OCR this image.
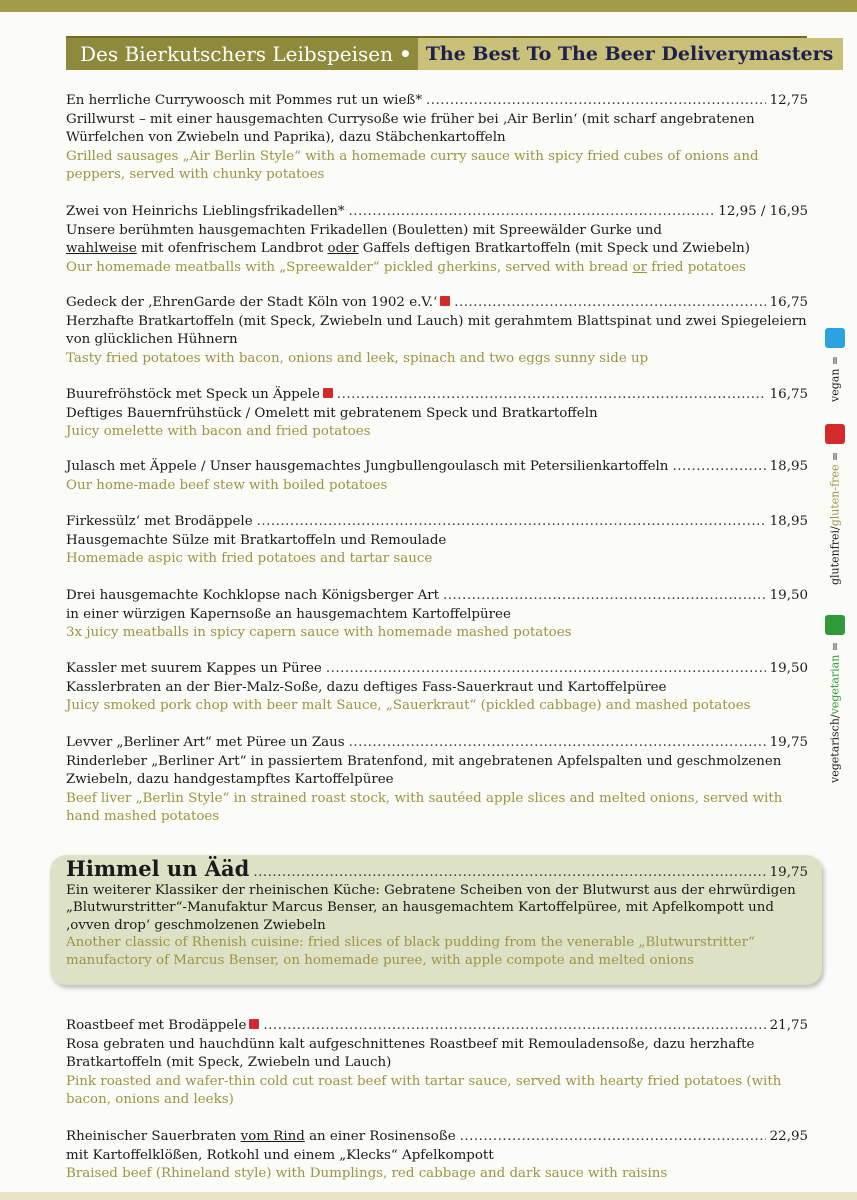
Des Bierkutschers Leibspeisen • The Best To The Beer Deliverymasters
En herrliche Currywoosch mit Pommes rut un wieß* .....	12,75
Grillwurst – mit einer hausgemachten Currysoße wie früher bei ‚Air Berlin‘ (mit scharf angebratenen Würfelchen von Zwiebeln und Paprika), dazu Stäbchenkartoffeln
Grilled sausages „Air Berlin Style“ with a homemade curry sauce with spicy fried cubes of onions and peppers, served with chunky potatoes
Zwei von Heinrichs Lieblingsfrikadellen* .....	12,95 / 16,95
Unsere berühmten hausgemachten Frikadellen (Bouletten) mit Spreewälder Gurke und
wahlweise mit ofenfrischem Landbrot oder Gaffels deftigen Bratkartoffeln (mit Speck und Zwiebeln)
Our homemade meatballs with „Spreewalder“ pickled gherkins, served with bread or fried potatoes
Gedeck der ‚EhrenGarde der Stadt Köln von 1902 e.V.‘ .....	16,75
Herzhafte Bratkartoffeln (mit Speck, Zwiebeln und Lauch) mit gerahmtem Blattspinat und zwei Spiegeleiern von glücklichen Hühnern
Tasty fried potatoes with bacon, onions and leek, spinach and two eggs sunny side up
Buurefröhstöck met Speck un Äppele .....	16,75
Deftiges Bauernfrühstück / Omelett mit gebratenem Speck und Bratkartoffeln
Juicy omelette with bacon and fried potatoes
Julasch met Äppele / Unser hausgemachtes Jungbullengoulasch mit Petersilienkartoffeln .....	18,95
Our home-made beef stew with boiled potatoes
Firkessülz‘ met Brodäppele .....	18,95
Hausgemachte Sülze mit Bratkartoffeln und Remoulade
Homemade aspic with fried potatoes and tartar sauce
Drei hausgemachte Kochklopse nach Königsberger Art .....	19,50
in einer würzigen Kapernsoße an hausgemachtem Kartoffelpüree
3x juicy meatballs in spicy capern sauce with homemade mashed potatoes
Kassler met suurem Kappes un Püree .....	19,50
Kasslerbraten an der Bier-Malz-Soße, dazu deftiges Fass-Sauerkraut und Kartoffelpüree
Juicy smoked pork chop with beer malt Sauce, „Sauerkraut“ (pickled cabbage) and mashed potatoes
Levver „Berliner Art“ met Püree un Zaus .....	19,75
Rinderleber „Berliner Art“ in passiertem Bratenfond, mit angebratenen Apfelspalten und geschmolzenen Zwiebeln, dazu handgestampftes Kartoffelpüree
Beef liver „Berlin Style“ in strained roast stock, with sautéed apple slices and melted onions, served with hand mashed potatoes
Himmel un Ääd .....	19,75
Ein weiterer Klassiker der rheinischen Küche: Gebratene Scheiben von der Blutwurst aus der ehrwürdigen „Blutwurstritter“-Manufaktur Marcus Benser, an hausgemachtem Kartoffelpüree, mit Apfelkompott und ‚ovven drop‘ geschmolzenen Zwiebeln
Another classic of Rhenish cuisine: fried slices of black pudding from the venerable „Blutwurstritter“ manufactory of Marcus Benser, on homemade puree, with apple compote and melted onions
Roastbeef met Brodäppele .....	21,75
Rosa gebraten und hauchdünn kalt aufgeschnittenes Roastbeef mit Remouladensoße, dazu herzhafte Bratkartoffeln (mit Speck, Zwiebeln und Lauch)
Pink roasted and wafer-thin cold cut roast beef with tartar sauce, served with hearty fried potatoes (with bacon, onions and leeks)
Rheinischer Sauerbraten vom Rind an einer Rosinensoße .....	22,95
mit Kartoffelklößen, Rotkohl und einem „Klecks“ Apfelkompott
Braised beef (Rhineland style) with Dumplings, red cabbage and dark sauce with raisins
vegan =
glutenfrei/gluten-free =
vegetarisch/vegetarian =
